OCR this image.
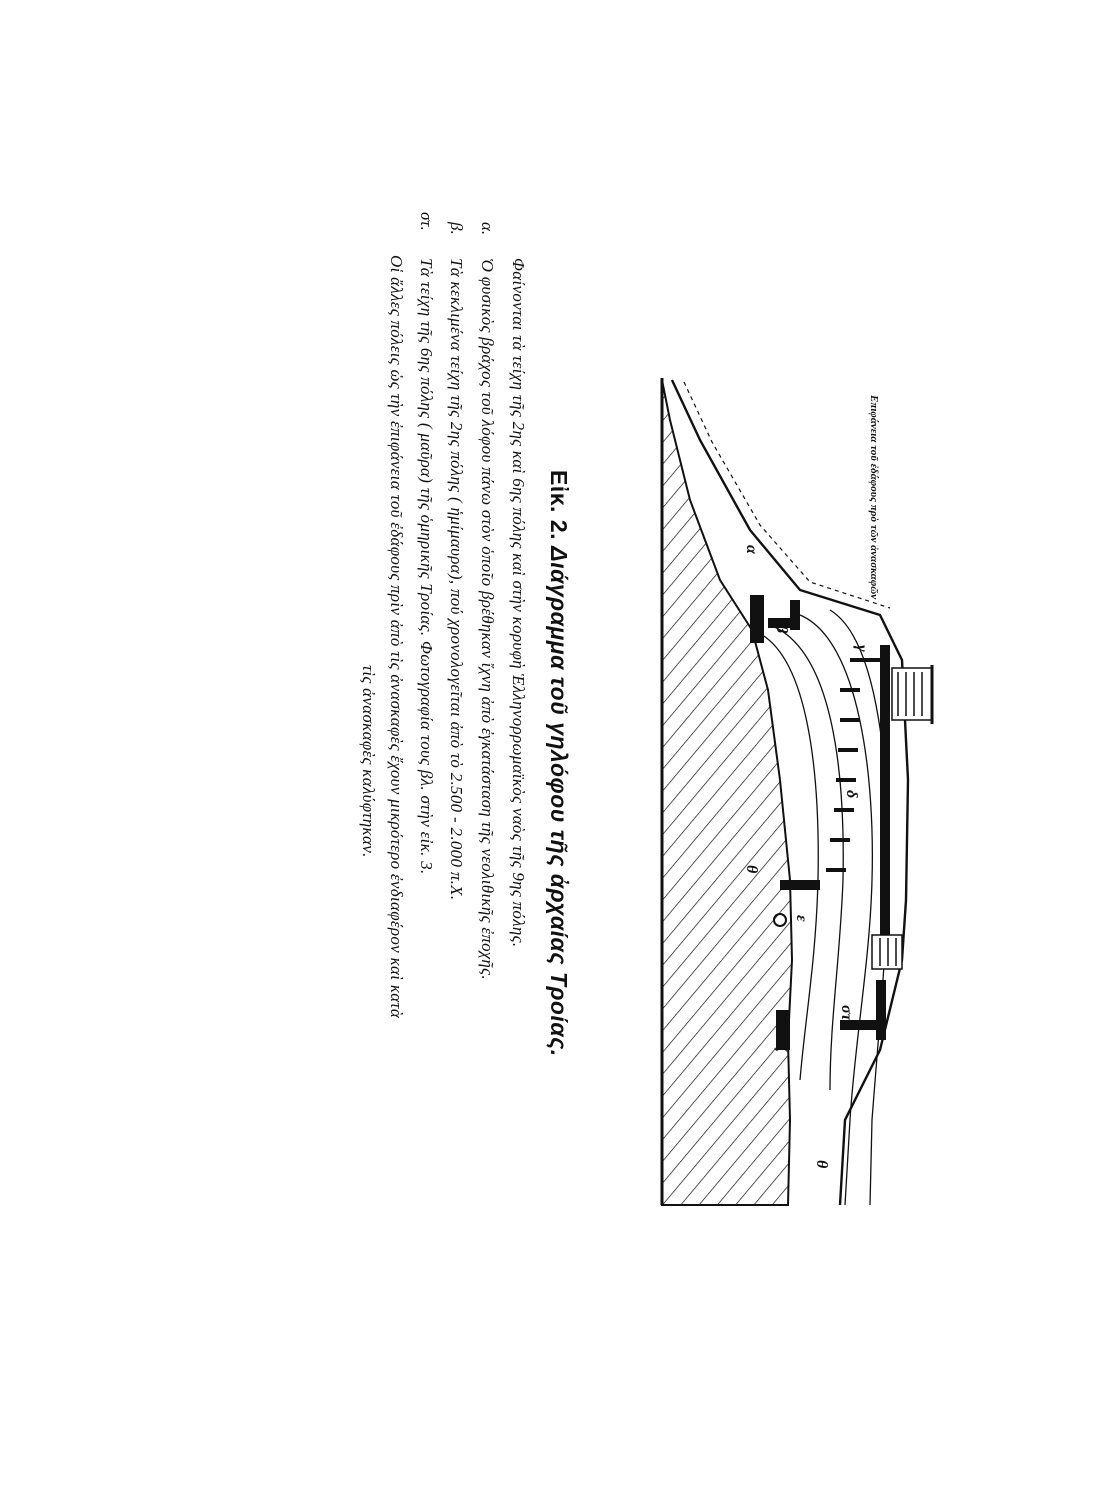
Επιφάνεια τοῦ ἐδάφους πρὸ τῶν ἀνασκαφῶν
α
β
γ
δ
ε
στ
ζ
θ
θ
Εἰκ. 2. Διάγραμμα τοῦ γηλόφου τῆς ἀρχαίας Τροίας.
Φαίνονται τὰ τείχη τῆς 2ης καὶ 6ης πόλης καὶ στὴν κορυφὴ Ἑλληνορρωμαϊκὸς ναὸς τῆς 9ης πόλης.
α.
Ὁ φυσικὸς βράχος τοῦ λόφου πάνω στὸν ὁποῖο βρέθηκαν ἴχνη ἀπὸ ἐγκατάσταση τῆς νεολιθικῆς ἐποχῆς.
β.
Τὰ κεκλιμένα τείχη τῆς 2ης πόλης ( ἡμίμαυρα), πού χρονολογεῖται ἀπὸ τὸ 2.500 - 2.000 π.Χ.
στ.
Τὰ τείχη τῆς 6ης πόλης ( μαῦρα) τῆς ὁμηρικῆς Τροίας. Φωτογραφία τους βλ. στὴν εἰκ. 3.
Οἱ ἄλλες πόλεις ὡς τὴν ἐπιφάνεια τοῦ ἐδάφους πρὶν ἀπὸ τὶς ἀνασκαφὲς ἔχουν μικρότερο ἐνδιαφέρον καὶ κατὰ
τὶς ἀνασκαφὲς καλύφτηκαν.
